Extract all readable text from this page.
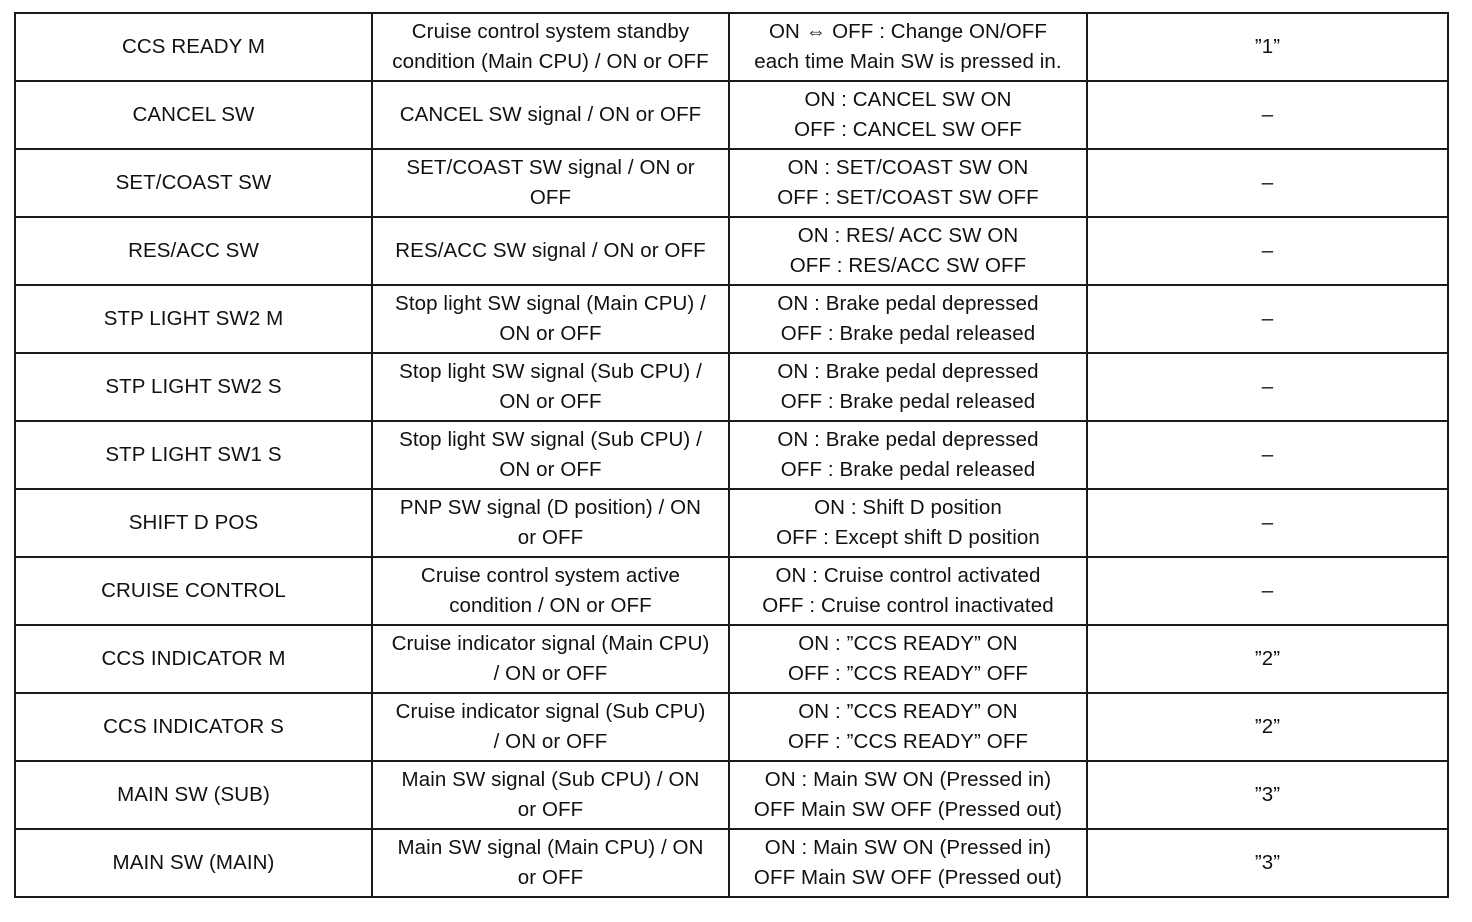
CCS READY M	Cruise control system standby
condition (Main CPU) / ON or OFF	ON ⇔ OFF : Change ON/OFF
each time Main SW is pressed in.	”1”

CANCEL SW	CANCEL SW signal / ON or OFF	ON : CANCEL SW ON
OFF : CANCEL SW OFF	–

SET/COAST SW	SET/COAST SW signal / ON or
OFF	ON : SET/COAST SW ON
OFF : SET/COAST SW OFF	–

RES/ACC SW	RES/ACC SW signal / ON or OFF	ON : RES/ ACC SW ON
OFF : RES/ACC SW OFF	–

STP LIGHT SW2 M	Stop light SW signal (Main CPU) /
ON or OFF	ON : Brake pedal depressed
OFF : Brake pedal released	–

STP LIGHT SW2 S	Stop light SW signal (Sub CPU) /
ON or OFF	ON : Brake pedal depressed
OFF : Brake pedal released	–

STP LIGHT SW1 S	Stop light SW signal (Sub CPU) /
ON or OFF	ON : Brake pedal depressed
OFF : Brake pedal released	–

SHIFT D POS	PNP SW signal (D position) / ON
or OFF	ON : Shift D position
OFF : Except shift D position	–

CRUISE CONTROL	Cruise control system active
condition / ON or OFF	ON : Cruise control activated
OFF : Cruise control inactivated	–

CCS INDICATOR M	Cruise indicator signal (Main CPU)
/ ON or OFF	ON : ”CCS READY” ON
OFF : ”CCS READY” OFF	”2”

CCS INDICATOR S	Cruise indicator signal (Sub CPU)
/ ON or OFF	ON : ”CCS READY” ON
OFF : ”CCS READY” OFF	”2”

MAIN SW (SUB)	Main SW signal (Sub CPU) / ON
or OFF	ON : Main SW ON (Pressed in)
OFF Main SW OFF (Pressed out)	”3”

MAIN SW (MAIN)	Main SW signal (Main CPU) / ON
or OFF	ON : Main SW ON (Pressed in)
OFF Main SW OFF (Pressed out)	”3”
